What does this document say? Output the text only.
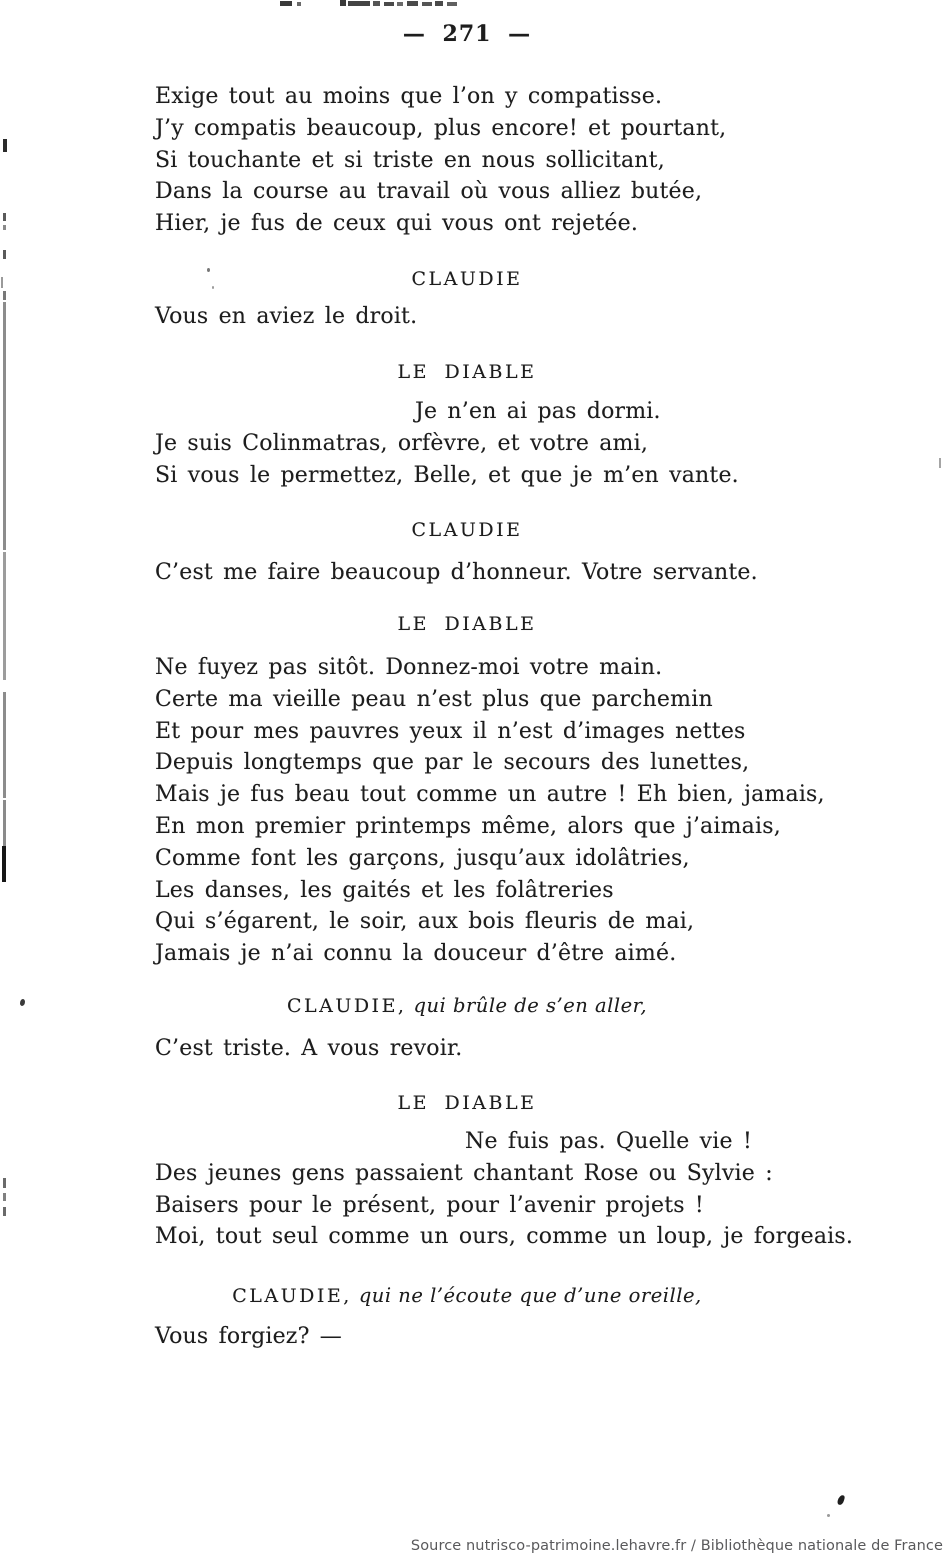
— 271 —
Exige tout au moins que l’on y compatisse.
J’y compatis beaucoup, plus encore! et pourtant,
Si touchante et si triste en nous sollicitant,
Dans la course au travail où vous alliez butée,
Hier, je fus de ceux qui vous ont rejetée.
CLAUDIE
Vous en aviez le droit.
LE DIABLE
Je n’en ai pas dormi.
Je suis Colinmatras, orfèvre, et votre ami,
Si vous le permettez, Belle, et que je m’en vante.
CLAUDIE
C’est me faire beaucoup d’honneur. Votre servante.
LE DIABLE
Ne fuyez pas sitôt. Donnez-moi votre main.
Certe ma vieille peau n’est plus que parchemin
Et pour mes pauvres yeux il n’est d’images nettes
Depuis longtemps que par le secours des lunettes,
Mais je fus beau tout comme un autre ! Eh bien, jamais,
En mon premier printemps même, alors que j’aimais,
Comme font les garçons, jusqu’aux idolâtries,
Les danses, les gaités et les folâtreries
Qui s’égarent, le soir, aux bois fleuris de mai,
Jamais je n’ai connu la douceur d’être aimé.
CLAUDIE, qui brûle de s’en aller,
C’est triste. A vous revoir.
LE DIABLE
Ne fuis pas. Quelle vie !
Des jeunes gens passaient chantant Rose ou Sylvie :
Baisers pour le présent, pour l’avenir projets !
Moi, tout seul comme un ours, comme un loup, je forgeais.
CLAUDIE, qui ne l’écoute que d’une oreille,
Vous forgiez? —
Source nutrisco-patrimoine.lehavre.fr / Bibliothèque nationale de France
